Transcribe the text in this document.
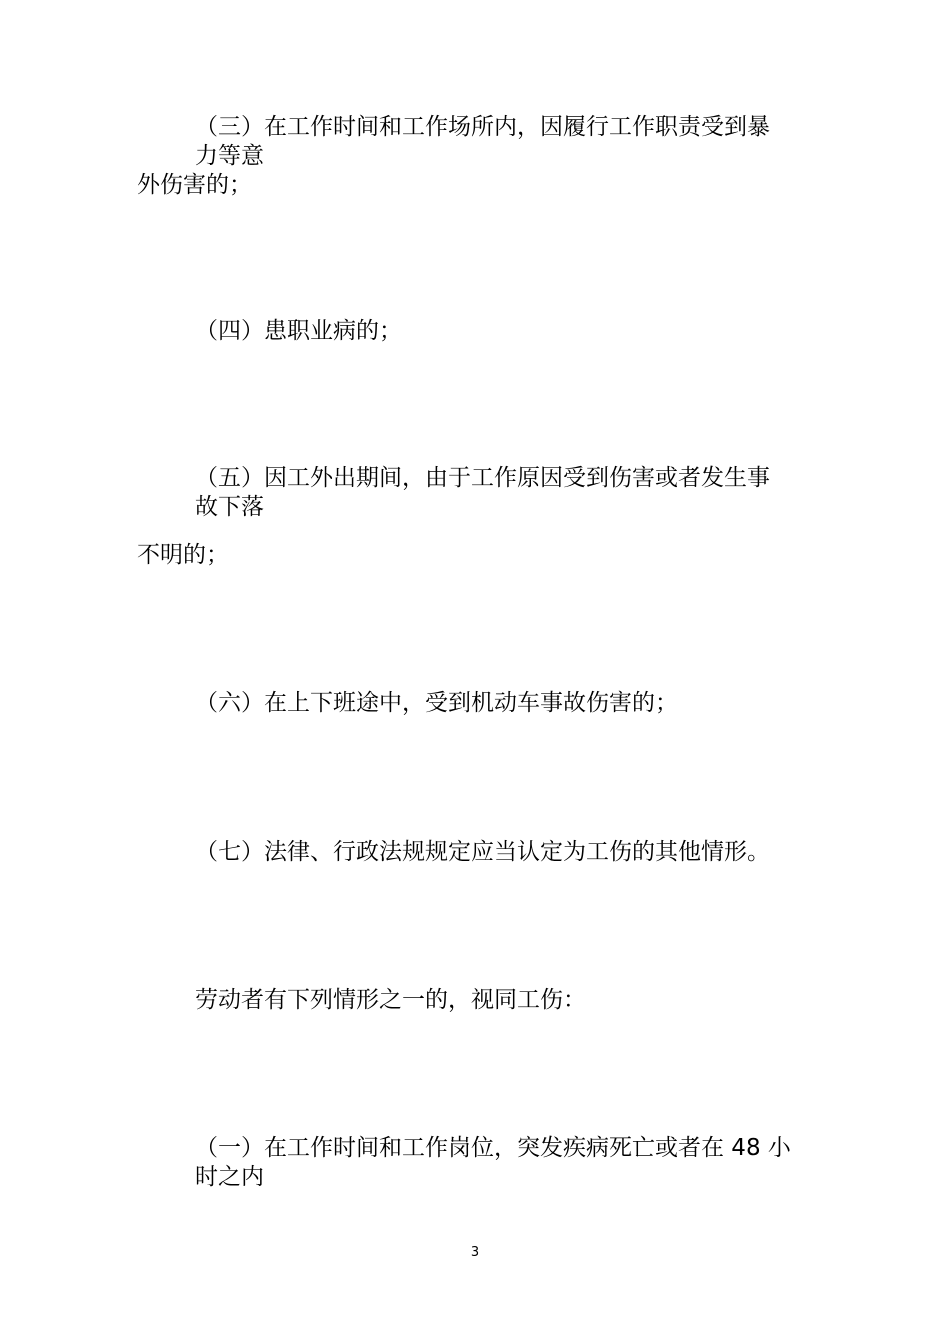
（三）在工作时间和工作场所内，因履行工作职责受到暴
力等意
外伤害的；
（四）患职业病的；
（五）因工外出期间，由于工作原因受到伤害或者发生事
故下落
不明的；
（六）在上下班途中，受到机动车事故伤害的；
（七）法律、行政法规规定应当认定为工伤的其他情形。
劳动者有下列情形之一的，视同工伤：
（一）在工作时间和工作岗位，突发疾病死亡或者在 48 小
时之内
3
